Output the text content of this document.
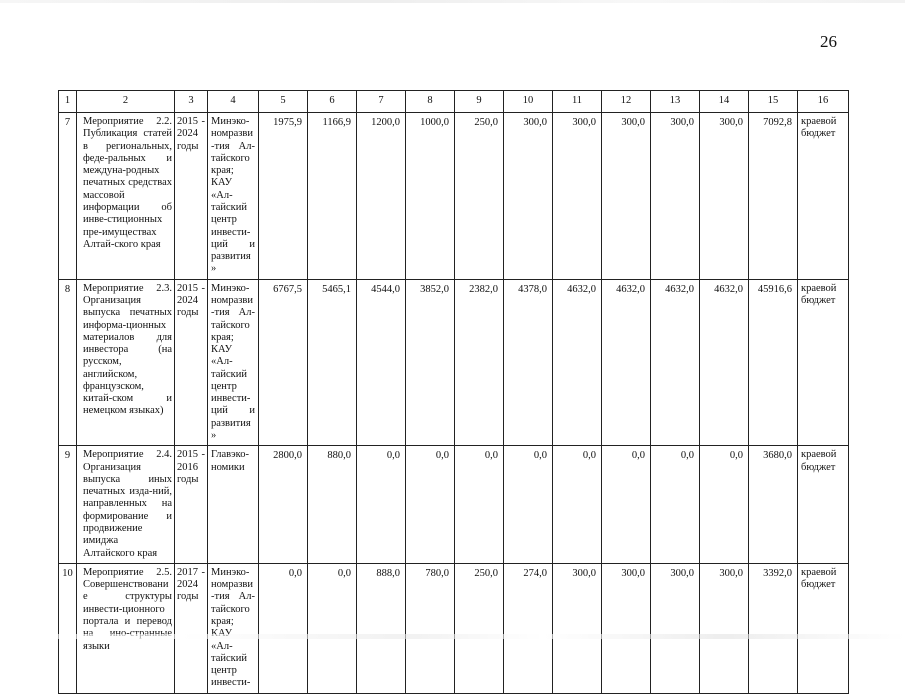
26
1	2	3	4	5	6	7	8	9	10	11	12	13	14	15	16
7	Мероприятие 2.2. Публикация статей в региональных, феде-ральных и междуна-родных печатных средствах массовой информации об инве-стиционных пре-имуществах Алтай-ского края	2015 - 2024 годы	Минэко-номразви-тия Ал-тайского края; КАУ «Ал-тайский центр инвести-ций и развития»	1975,9	1166,9	1200,0	1000,0	250,0	300,0	300,0	300,0	300,0	300,0	7092,8	краевой бюджет
8	Мероприятие 2.3. Организация выпуска печатных информа-ционных материалов для инвестора (на русском, английском, французском, китай-ском и немецком языках)	2015 - 2024 годы	Минэко-номразви-тия Ал-тайского края; КАУ «Ал-тайский центр инвести-ций и развития»	6767,5	5465,1	4544,0	3852,0	2382,0	4378,0	4632,0	4632,0	4632,0	4632,0	45916,6	краевой бюджет
9	Мероприятие 2.4. Организация выпуска иных печатных изда-ний, направленных на формирование и продвижение имиджа Алтайского края	2015 - 2016 годы	Главэко-номики	2800,0	880,0	0,0	0,0	0,0	0,0	0,0	0,0	0,0	0,0	3680,0	краевой бюджет
10	Мероприятие 2.5. Совершенствование структуры инвести-ционного портала и перевод языки	2017 - 2024 годы	Минэко-номразви-тия Ал-тайского края; «Ал-тайский центр инвести-	0,0	0,0	888,0	780,0	250,0	274,0	300,0	300,0	300,0	300,0	3392,0	краевой бюджет
